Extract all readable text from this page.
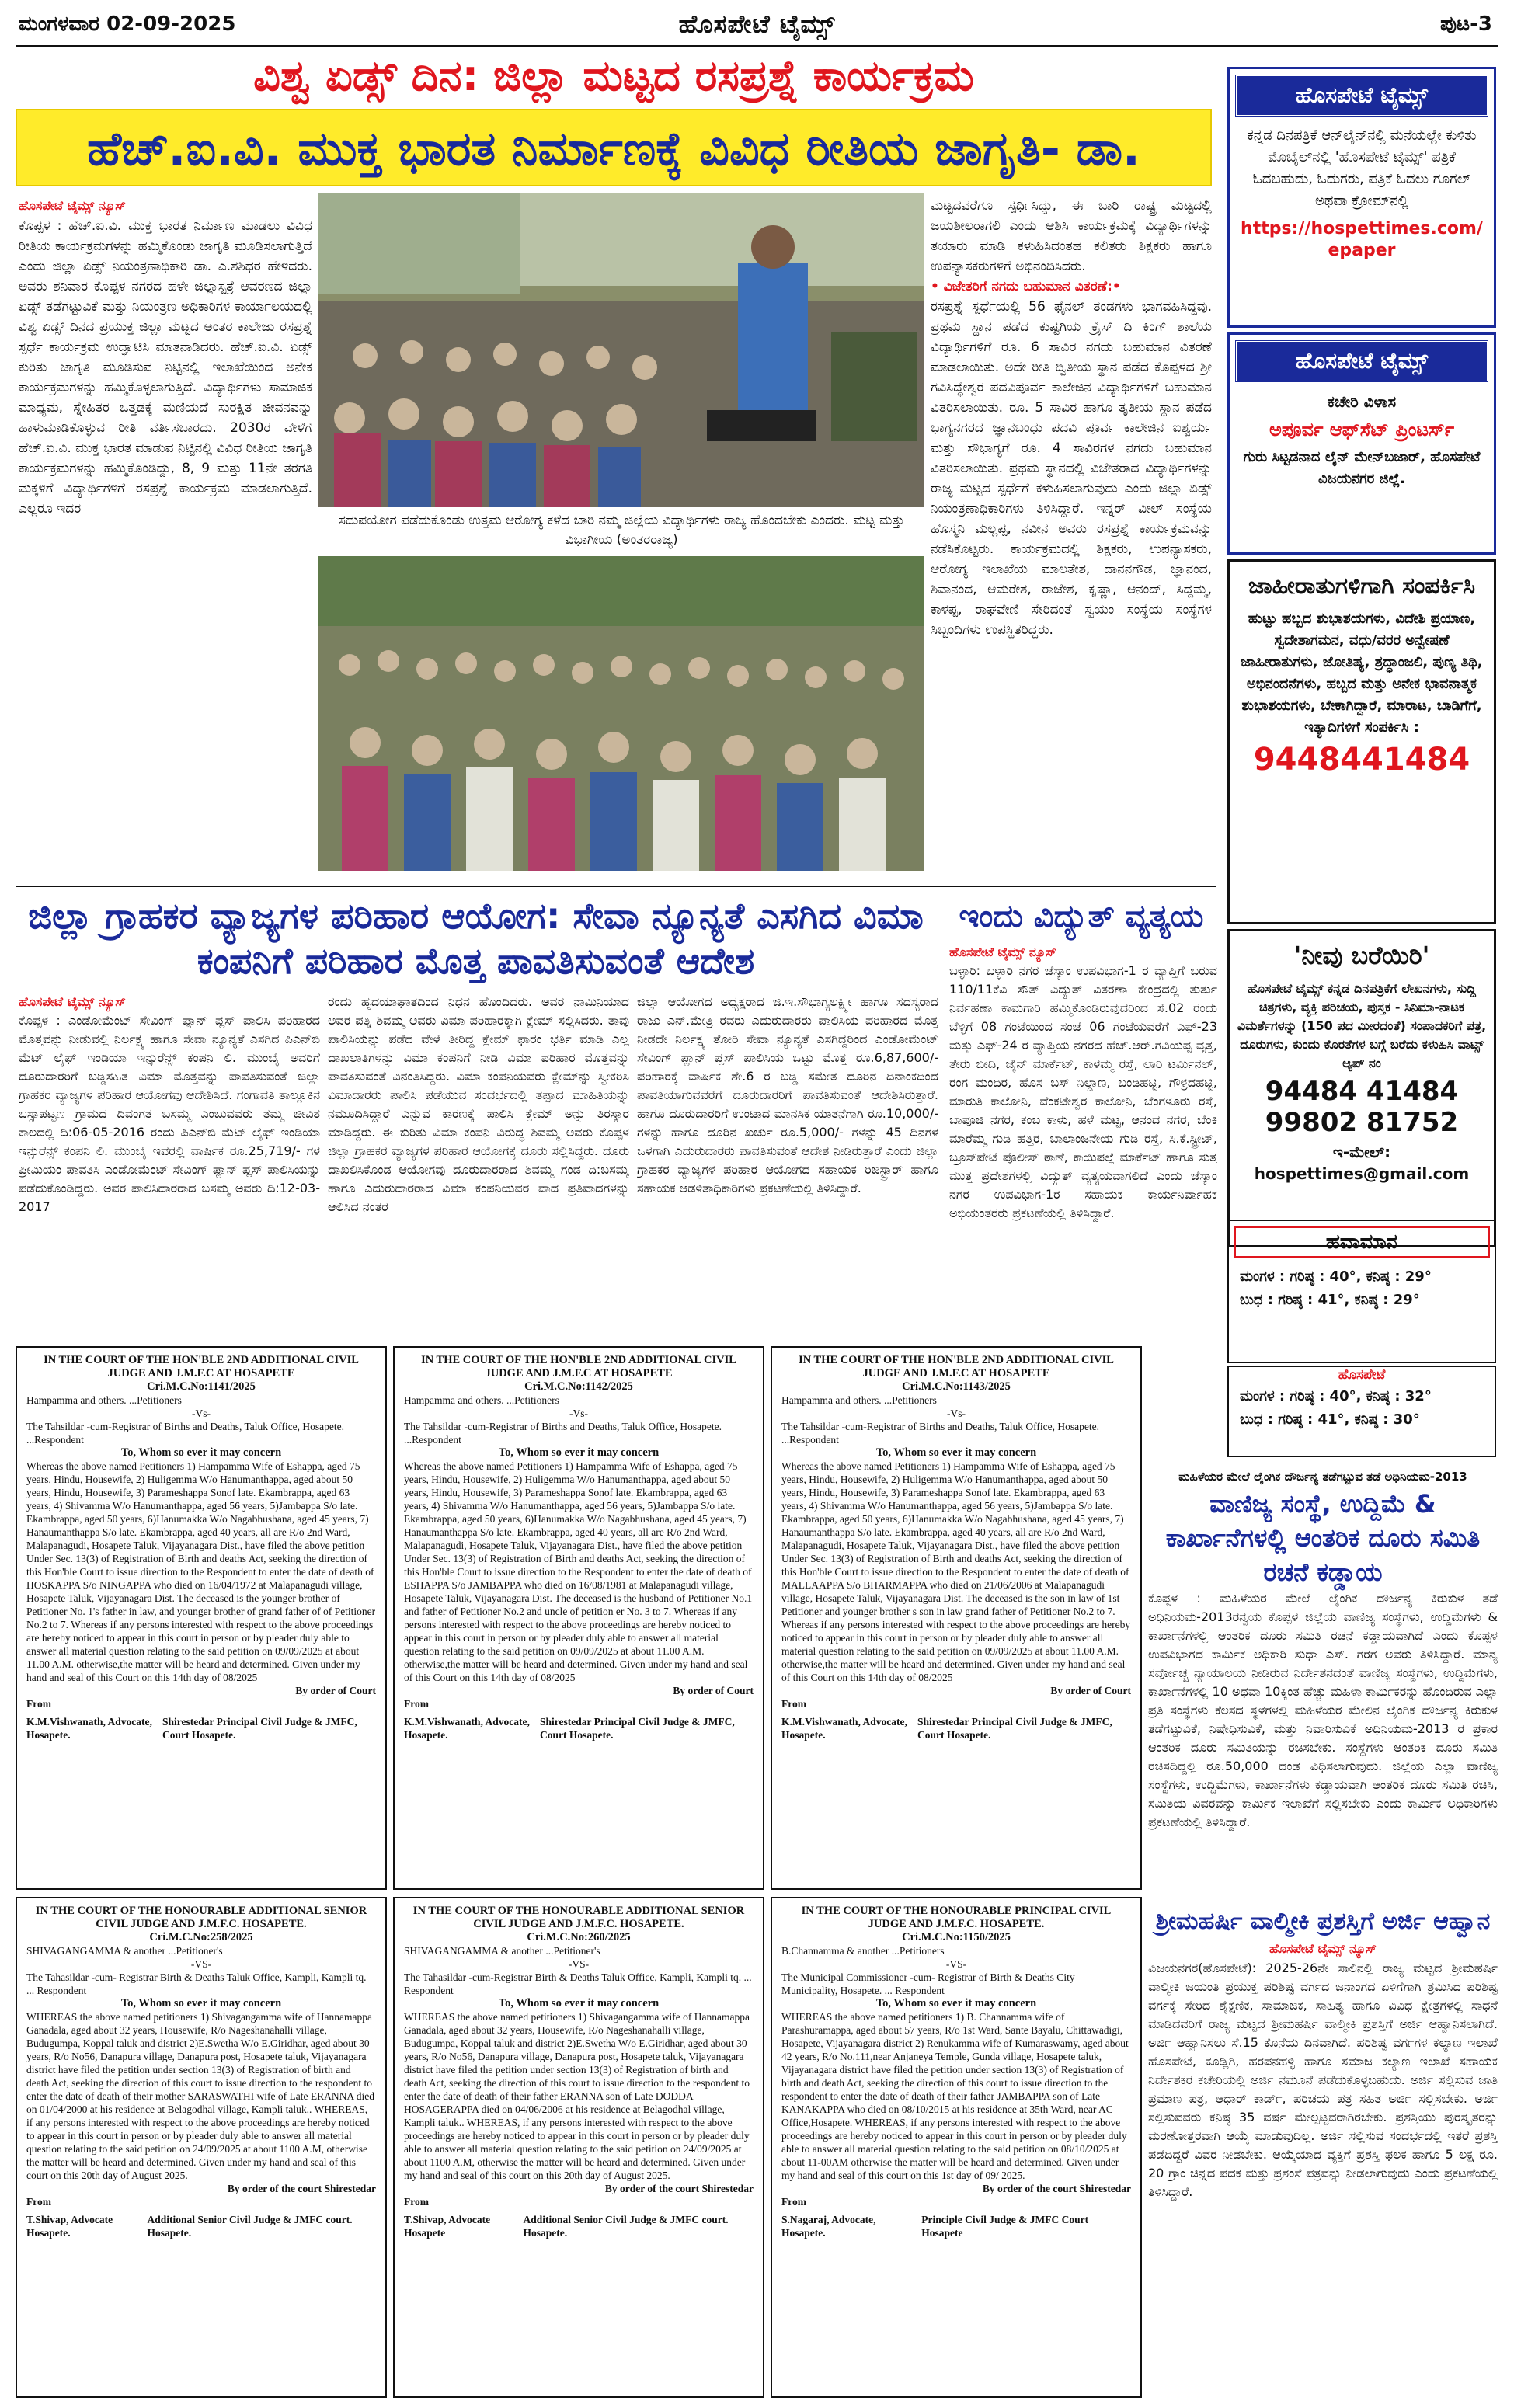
ಮಂಗಳವಾರ 02-09-2025	ಹೊಸಪೇಟೆ ಟೈಮ್ಸ್	ಪುಟ-3
ವಿಶ್ವ ಏಡ್ಸ್ ದಿನ: ಜಿಲ್ಲಾ ಮಟ್ಟದ ರಸಪ್ರಶ್ನೆ ಕಾರ್ಯಕ್ರಮ
ಹೆಚ್.ಐ.ವಿ. ಮುಕ್ತ ಭಾರತ ನಿರ್ಮಾಣಕ್ಕೆ ವಿವಿಧ ರೀತಿಯ ಜಾಗೃತಿ- ಡಾ.
ಹೊಸಪೇಟೆ ಟೈಮ್ಸ್ ನ್ಯೂಸ್
ಕೊಪ್ಪಳ : ಹೆಚ್.ಐ.ವಿ. ಮುಕ್ತ ಭಾರತ ನಿರ್ಮಾಣ ಮಾಡಲು ವಿವಿಧ ರೀತಿಯ ಕಾರ್ಯಕ್ರಮಗಳನ್ನು ಹಮ್ಮಿಕೊಂಡು ಜಾಗೃತಿ ಮೂಡಿಸಲಾಗುತ್ತಿದೆ ಎಂದು ಜಿಲ್ಲಾ ಏಡ್ಸ್ ನಿಯಂತ್ರಣಾಧಿಕಾರಿ ಡಾ. ಎ.ಶಶಿಧರ ಹೇಳಿದರು. ಅವರು ಶನಿವಾರ ಕೊಪ್ಪಳ ನಗರದ ಹಳೇ ಜಿಲ್ಲಾಸ್ಪತ್ರೆ ಆವರಣದ ಜಿಲ್ಲಾ ಏಡ್ಸ್ ತಡೆಗಟ್ಟುವಿಕೆ ಮತ್ತು ನಿಯಂತ್ರಣ ಅಧಿಕಾರಿಗಳ ಕಾರ್ಯಾಲಯದಲ್ಲಿ ವಿಶ್ವ ಏಡ್ಸ್ ದಿನದ ಪ್ರಯುಕ್ತ ಜಿಲ್ಲಾ ಮಟ್ಟದ ಅಂತರ ಕಾಲೇಜು ರಸಪ್ರಶ್ನೆ ಸ್ಪರ್ಧೆ ಕಾರ್ಯಕ್ರಮ ಉದ್ಘಾಟಿಸಿ ಮಾತನಾಡಿದರು. ಹೆಚ್.ಐ.ವಿ. ಏಡ್ಸ್ ಕುರಿತು ಜಾಗೃತಿ ಮೂಡಿಸುವ ನಿಟ್ಟಿನಲ್ಲಿ ಇಲಾಖೆಯಿಂದ ಅನೇಕ ಕಾರ್ಯಕ್ರಮಗಳನ್ನು ಹಮ್ಮಿಕೊಳ್ಳಲಾಗುತ್ತಿದೆ. ವಿದ್ಯಾರ್ಥಿಗಳು ಸಾಮಾಜಿಕ ಮಾಧ್ಯಮ, ಸ್ನೇಹಿತರ ಒತ್ತಡಕ್ಕೆ ಮಣಿಯದೆ ಸುರಕ್ಷಿತ ಜೀವನವನ್ನು ಹಾಳುಮಾಡಿಕೊಳ್ಳುವ ರೀತಿ ವರ್ತಿಸಬಾರದು. 2030ರ ವೇಳೆಗೆ ಹೆಚ್.ಐ.ವಿ. ಮುಕ್ತ ಭಾರತ ಮಾಡುವ ನಿಟ್ಟಿನಲ್ಲಿ ವಿವಿಧ ರೀತಿಯ ಜಾಗೃತಿ ಕಾರ್ಯಕ್ರಮಗಳನ್ನು ಹಮ್ಮಿಕೊಂಡಿದ್ದು, 8, 9 ಮತ್ತು 11ನೇ ತರಗತಿ ಮಕ್ಕಳಿಗೆ ವಿದ್ಯಾರ್ಥಿಗಳಿಗೆ ರಸಪ್ರಶ್ನೆ ಕಾರ್ಯಕ್ರಮ ಮಾಡಲಾಗುತ್ತಿದೆ. ಎಲ್ಲರೂ ಇದರ
ಸದುಪಯೋಗ ಪಡೆದುಕೊಂಡು ಉತ್ತಮ ಆರೋಗ್ಯ ಕಳೆದ ಬಾರಿ ನಮ್ಮ ಜಿಲ್ಲೆಯ ವಿದ್ಯಾರ್ಥಿಗಳು ರಾಜ್ಯ ಹೊಂದಬೇಕು ಎಂದರು. ಮಟ್ಟ ಮತ್ತು ವಿಭಾಗೀಯ (ಅಂತರರಾಜ್ಯ)
ಮಟ್ಟದವರೆಗೂ ಸ್ಪರ್ಧಿಸಿದ್ದು, ಈ ಬಾರಿ ರಾಷ್ಟ್ರ ಮಟ್ಟದಲ್ಲಿ ಜಯಶೀಲರಾಗಲಿ ಎಂದು ಆಶಿಸಿ ಕಾರ್ಯಕ್ರಮಕ್ಕೆ ವಿದ್ಯಾರ್ಥಿಗಳನ್ನು ತಯಾರು ಮಾಡಿ ಕಳುಹಿಸಿದಂತಹ ಕಲಿತರು ಶಿಕ್ಷಕರು ಹಾಗೂ ಉಪನ್ಯಾಸಕರುಗಳಿಗೆ ಅಭಿನಂದಿಸಿದರು.
• ವಿಜೇತರಿಗೆ ನಗದು ಬಹುಮಾನ ವಿತರಣೆ:•
ರಸಪ್ರಶ್ನೆ ಸ್ಪರ್ಧೆಯಲ್ಲಿ 56 ಫೈನಲ್ ತಂಡಗಳು ಭಾಗವಹಿಸಿದ್ದವು. ಪ್ರಥಮ ಸ್ಥಾನ ಪಡೆದ ಕುಷ್ಟಗಿಯ ಕ್ರೈಸ್ ದಿ ಕಿಂಗ್ ಶಾಲೆಯ ವಿದ್ಯಾರ್ಥಿಗಳಿಗೆ ರೂ. 6 ಸಾವಿರ ನಗದು ಬಹುಮಾನ ವಿತರಣೆ ಮಾಡಲಾಯಿತು. ಅದೇ ರೀತಿ ದ್ವಿತೀಯ ಸ್ಥಾನ ಪಡೆದ ಕೊಪ್ಪಳದ ಶ್ರೀ ಗವಿಸಿದ್ಧೇಶ್ವರ ಪದವಿಪೂರ್ವ ಕಾಲೇಜಿನ ವಿದ್ಯಾರ್ಥಿಗಳಿಗೆ ಬಹುಮಾನ ವಿತರಿಸಲಾಯಿತು. ರೂ. 5 ಸಾವಿರ ಹಾಗೂ ತೃತೀಯ ಸ್ಥಾನ ಪಡೆದ ಭಾಗ್ಯನಗರದ ಜ್ಞಾನಬಂಧು ಪದವಿ ಪೂರ್ವ ಕಾಲೇಜಿನ ಐಶ್ವರ್ಯ ಮತ್ತು ಸೌಭಾಗ್ಯಗೆ ರೂ. 4 ಸಾವಿರಗಳ ನಗದು ಬಹುಮಾನ ವಿತರಿಸಲಾಯಿತು. ಪ್ರಥಮ ಸ್ಥಾನದಲ್ಲಿ ವಿಜೇತರಾದ ವಿದ್ಯಾರ್ಥಿಗಳನ್ನು ರಾಜ್ಯ ಮಟ್ಟದ ಸ್ಪರ್ಧೆಗೆ ಕಳುಹಿಸಲಾಗುವುದು ಎಂದು ಜಿಲ್ಲಾ ಏಡ್ಸ್ ನಿಯಂತ್ರಣಾಧಿಕಾರಿಗಳು ತಿಳಿಸಿದ್ದಾರೆ. ಇನ್ನರ್ ವೀಲ್ ಸಂಸ್ಥೆಯ ಹೊಸ್ಮನಿ ಮಲ್ಲಪ್ಪ, ನವೀನ ಅವರು ರಸಪ್ರಶ್ನೆ ಕಾರ್ಯಕ್ರಮವನ್ನು ನಡೆಸಿಕೊಟ್ಟರು. ಕಾರ್ಯಕ್ರಮದಲ್ಲಿ ಶಿಕ್ಷಕರು, ಉಪನ್ಯಾಸಕರು, ಆರೋಗ್ಯ ಇಲಾಖೆಯ ಮಾಲತೇಶ, ದಾನನಗೌಡ, ಜ್ಞಾನಂದ, ಶಿವಾನಂದ, ಆಮರೇಶ, ರಾಜೇಶ, ಕೃಷ್ಣಾ, ಆನಂದ್, ಸಿದ್ದಮ್ಮ, ಕಾಳಪ್ಪ, ರಾಘವೇಣಿ ಸೇರಿದಂತೆ ಸ್ವಯಂ ಸಂಸ್ಥೆಯ ಸಂಸ್ಥೆಗಳ ಸಿಬ್ಬಂದಿಗಳು ಉಪಸ್ಥಿತರಿದ್ದರು.
ಹೊಸಪೇಟೆ ಟೈಮ್ಸ್
ಕನ್ನಡ ದಿನಪತ್ರಿಕೆ ಆನ್‌ಲೈನ್‌ನಲ್ಲಿ ಮನೆಯಲ್ಲೇ ಕುಳಿತು ಮೊಬೈಲ್‌ನಲ್ಲಿ 'ಹೊಸಪೇಟೆ ಟೈಮ್ಸ್' ಪತ್ರಿಕೆ ಓದಬಹುದು, ಓದುಗರು, ಪತ್ರಿಕೆ ಓದಲು ಗೂಗಲ್ ಅಥವಾ ಕ್ರೋಮ್‌ನಲ್ಲಿ
https://hospettimes.com/ epaper
ಹೊಸಪೇಟೆ ಟೈಮ್ಸ್
ಕಚೇರಿ ವಿಳಾಸ
ಅಪೂರ್ವ ಆಫ್‌ಸೆಟ್ ಪ್ರಿಂಟರ್ಸ್
ಗುರು ಸಿಟ್ಟಡನಾದ ಲೈನ್ ಮೇನ್‌ಬಜಾರ್, ಹೊಸಪೇಟೆ ವಿಜಯನಗರ ಜಿಲ್ಲೆ.
ಜಾಹೀರಾತುಗಳಿಗಾಗಿ ಸಂಪರ್ಕಿಸಿ
ಹುಟ್ಟು ಹಬ್ಬದ ಶುಭಾಶಯಗಳು, ವಿದೇಶಿ ಪ್ರಯಾಣ, ಸ್ವದೇಶಾಗಮನ, ವಧು/ವರರ ಅನ್ವೇಷಣೆ ಜಾಹೀರಾತುಗಳು, ಜೋತಿಷ್ಯ, ಶ್ರದ್ಧಾಂಜಲಿ, ಪುಣ್ಯ ತಿಥಿ, ಅಭಿನಂದನೆಗಳು, ಹಬ್ಬದ ಮತ್ತು ಅನೇಕ ಭಾವನಾತ್ಮಕ ಶುಭಾಶಯಗಳು, ಬೇಕಾಗಿದ್ದಾರೆ, ಮಾರಾಟ, ಬಾಡಿಗೆಗೆ, ಇತ್ಯಾದಿಗಳಿಗೆ ಸಂಪರ್ಕಿಸಿ :
9448441484
'ನೀವು ಬರೆಯಿರಿ'
ಹೊಸಪೇಟೆ ಟೈಮ್ಸ್ ಕನ್ನಡ ದಿನಪತ್ರಿಕೆಗೆ ಲೇಖನಗಳು, ಸುದ್ದಿ ಚಿತ್ರಗಳು, ವ್ಯಕ್ತಿ ಪರಿಚಯ, ಪುಸ್ತಕ - ಸಿನಿಮಾ-ನಾಟಕ ವಿಮರ್ಶೆಗಳನ್ನು (150 ಪದ ಮೀರದಂತೆ) ಸಂಪಾದಕರಿಗೆ ಪತ್ರ, ದೂರುಗಳು, ಕುಂದು ಕೊರತೆಗಳ ಬಗ್ಗೆ ಬರೆದು ಕಳುಹಿಸಿ ವಾಟ್ಸ್ ಆ್ಯಪ್ ನಂ
94484 41484
99802 81752
ಇ-ಮೇಲ್: hospettimes@gmail.com
ಹವಾಮಾನ
ಮಂಗಳ : ಗರಿಷ್ಠ : 40°, ಕನಿಷ್ಠ : 29°
ಬುಧ : ಗರಿಷ್ಠ : 41°, ಕನಿಷ್ಠ : 29°
ಹೊಸಪೇಟೆ
ಮಂಗಳ : ಗರಿಷ್ಠ : 40°, ಕನಿಷ್ಠ : 32°
ಬುಧ : ಗರಿಷ್ಠ : 41°, ಕನಿಷ್ಠ : 30°
ಜಿಲ್ಲಾ ಗ್ರಾಹಕರ ವ್ಯಾಜ್ಯಗಳ ಪರಿಹಾರ ಆಯೋಗ: ಸೇವಾ ನ್ಯೂನ್ಯತೆ ಎಸಗಿದ ವಿಮಾ ಕಂಪನಿಗೆ ಪರಿಹಾರ ಮೊತ್ತ ಪಾವತಿಸುವಂತೆ ಆದೇಶ
ಹೊಸಪೇಟೆ ಟೈಮ್ಸ್ ನ್ಯೂಸ್
ಕೊಪ್ಪಳ : ಎಂಡೋಮೆಂಟ್ ಸೇವಿಂಗ್ ಪ್ಲಾನ್ ಪ್ಲಸ್ ಪಾಲಿಸಿ ಪರಿಹಾರದ ಮೊತ್ತವನ್ನು ನೀಡುವಲ್ಲಿ ನಿರ್ಲಕ್ಷ್ಯ ಹಾಗೂ ಸೇವಾ ನ್ಯೂನ್ಯತೆ ಎಸಗಿದ ಪಿಎನ್‌ಬಿ ಮೆಟ್ ಲೈಫ್ ಇಂಡಿಯಾ ಇನ್ಸುರೆನ್ಸ್ ಕಂಪನಿ ಲಿ. ಮುಂಬೈ ಅವರಿಗೆ ದೂರುದಾರರಿಗೆ ಬಡ್ಡಿಸಹಿತ ವಿಮಾ ಮೊತ್ತವನ್ನು ಪಾವತಿಸುವಂತೆ ಜಿಲ್ಲಾ ಗ್ರಾಹಕರ ವ್ಯಾಜ್ಯಗಳ ಪರಿಹಾರ ಆಯೋಗವು ಆದೇಶಿಸಿದೆ. ಗಂಗಾವತಿ ತಾಲ್ಲೂಕಿನ ಬಸ್ಸಾಪಟ್ಟಣ ಗ್ರಾಮದ ದಿವಂಗತ ಬಸಮ್ಮ ಎಂಬುವವರು ತಮ್ಮ ಜೀವಿತ ಕಾಲದಲ್ಲಿ ದಿ:06-05-2016 ರಂದು ಪಿಎನ್‌ಬಿ ಮೆಟ್ ಲೈಫ್ ಇಂಡಿಯಾ ಇನ್ಸುರೆನ್ಸ್ ಕಂಪನಿ ಲಿ. ಮುಂಬೈ ಇವರಲ್ಲಿ ವಾರ್ಷಿಕ ರೂ.25,719/- ಗಳ ಪ್ರೀಮಿಯಂ ಪಾವತಿಸಿ ಎಂಡೋಮೆಂಟ್ ಸೇವಿಂಗ್ ಪ್ಲಾನ್ ಪ್ಲಸ್ ಪಾಲಿಸಿಯನ್ನು ಪಡೆದುಕೊಂಡಿದ್ದರು. ಅವರ ಪಾಲಿಸಿದಾರರಾದ ಬಸಮ್ಮ ಅವರು ದಿ:12-03-2017
ರಂದು ಹೃದಯಾಘಾತದಿಂದ ನಿಧನ ಹೊಂದಿದರು. ಅವರ ನಾಮಿನಿಯಾದ ಅವರ ಪತ್ನಿ ಶಿವಮ್ಮ ಅವರು ವಿಮಾ ಪರಿಹಾರಕ್ಕಾಗಿ ಕ್ಲೇಮ್ ಸಲ್ಲಿಸಿದರು. ತಾವು ಪಾಲಿಸಿಯನ್ನು ಪಡೆದ ವೇಳೆ ತೀರಿದ್ದ ಕ್ಲೇಮ್ ಫಾರಂ ಭರ್ತಿ ಮಾಡಿ ಎಲ್ಲ ದಾಖಲಾತಿಗಳನ್ನು ವಿಮಾ ಕಂಪನಿಗೆ ನೀಡಿ ವಿಮಾ ಪರಿಹಾರ ಮೊತ್ತವನ್ನು ಪಾವತಿಸುವಂತೆ ವಿನಂತಿಸಿದ್ದರು. ವಿಮಾ ಕಂಪನಿಯವರು ಕ್ಲೇಮ್‌ನ್ನು ಸ್ವೀಕರಿಸಿ ವಿಮಾದಾರರು ಪಾಲಿಸಿ ಪಡೆಯುವ ಸಂದರ್ಭದಲ್ಲಿ ತಪ್ಪಾದ ಮಾಹಿತಿಯನ್ನು ನಮೂದಿಸಿದ್ದಾರೆ ಎನ್ನುವ ಕಾರಣಕ್ಕೆ ಪಾಲಿಸಿ ಕ್ಲೇಮ್ ಅನ್ನು ತಿರಸ್ಕಾರ ಮಾಡಿದ್ದರು. ಈ ಕುರಿತು ವಿಮಾ ಕಂಪನಿ ವಿರುದ್ಧ ಶಿವಮ್ಮ ಅವರು ಕೊಪ್ಪಳ ಜಿಲ್ಲಾ ಗ್ರಾಹಕರ ವ್ಯಾಜ್ಯಗಳ ಪರಿಹಾರ ಆಯೋಗಕ್ಕೆ ದೂರು ಸಲ್ಲಿಸಿದ್ದರು. ದೂರು ದಾಖಲಿಸಿಕೊಂಡ ಆಯೋಗವು ದೂರುದಾರರಾದ ಶಿವಮ್ಮ ಗಂಡ ದಿ:ಬಸಮ್ಮ ಹಾಗೂ ಎದುರುದಾರರಾದ ವಿಮಾ ಕಂಪನಿಯವರ ವಾದ ಪ್ರತಿವಾದಗಳನ್ನು ಆಲಿಸಿದ ನಂತರ
ಜಿಲ್ಲಾ ಆಯೋಗದ ಅಧ್ಯಕ್ಷರಾದ ಜಿ.ಇ.ಸೌಭಾಗ್ಯಲಕ್ಷ್ಮೀ ಹಾಗೂ ಸದಸ್ಯರಾದ ರಾಜು ಎನ್.ಮೇತ್ರಿ ರವರು ಎದುರುದಾರರು ಪಾಲಿಸಿಯ ಪರಿಹಾರದ ಮೊತ್ತ ನೀಡದೇ ನಿರ್ಲಕ್ಷ್ಯ ತೋರಿ ಸೇವಾ ನ್ಯೂನ್ಯತೆ ಎಸಗಿದ್ದರಿಂದ ಎಂಡೋಮೆಂಟ್ ಸೇವಿಂಗ್ ಪ್ಲಾನ್ ಪ್ಲಸ್ ಪಾಲಿಸಿಯ ಒಟ್ಟು ಮೊತ್ತ ರೂ.6,87,600/- ಪರಿಹಾರಕ್ಕೆ ವಾರ್ಷಿಕ ಶೇ.6 ರ ಬಡ್ಡಿ ಸಮೇತ ದೂರಿನ ದಿನಾಂಕದಿಂದ ಪಾವತಿಯಾಗುವವರೆಗೆ ದೂರುದಾರರಿಗೆ ಪಾವತಿಸುವಂತೆ ಆದೇಶಿಸಿರುತ್ತಾರೆ. ಹಾಗೂ ದೂರುದಾರರಿಗೆ ಉಂಟಾದ ಮಾನಸಿಕ ಯಾತನೆಗಾಗಿ ರೂ.10,000/- ಗಳನ್ನು ಹಾಗೂ ದೂರಿನ ಖರ್ಚು ರೂ.5,000/- ಗಳನ್ನು 45 ದಿನಗಳ ಒಳಗಾಗಿ ಎದುರುದಾರರು ಪಾವತಿಸುವಂತೆ ಆದೇಶ ನೀಡಿರುತ್ತಾರೆ ಎಂದು ಜಿಲ್ಲಾ ಗ್ರಾಹಕರ ವ್ಯಾಜ್ಯಗಳ ಪರಿಹಾರ ಆಯೋಗದ ಸಹಾಯಕ ರಿಜಿಸ್ಟ್ರಾರ್ ಹಾಗೂ ಸಹಾಯಕ ಆಡಳಿತಾಧಿಕಾರಿಗಳು ಪ್ರಕಟಣೆಯಲ್ಲಿ ತಿಳಿಸಿದ್ದಾರೆ.
ಇಂದು ವಿದ್ಯುತ್ ವ್ಯತ್ಯಯ
ಹೊಸಪೇಟೆ ಟೈಮ್ಸ್ ನ್ಯೂಸ್
ಬಳ್ಳಾರಿ: ಬಳ್ಳಾರಿ ನಗರ ಜೆಸ್ಕಾಂ ಉಪವಿಭಾಗ-1 ರ ವ್ಯಾಪ್ತಿಗೆ ಬರುವ 110/11ಕೆವಿ ಸೌತ್ ವಿದ್ಯುತ್ ವಿತರಣಾ ಕೇಂದ್ರದಲ್ಲಿ ತುರ್ತು ನಿರ್ವಹಣಾ ಕಾಮಗಾರಿ ಹಮ್ಮಿಕೊಂಡಿರುವುದರಿಂದ ಸೆ.02 ರಂದು ಬೆಳ್ಳಿಗೆ 08 ಗಂಟೆಯಿಂದ ಸಂಜೆ 06 ಗಂಟೆಯವರೆಗೆ ಎಫ್-23 ಮತ್ತು ಎಫ್-24 ರ ವ್ಯಾಪ್ತಿಯ ನಗರದ ಹೆಚ್.ಆರ್.ಗವಿಯಪ್ಪ ವೃತ್ತ, ತೇರು ಬೀದಿ, ಜೈನ್ ಮಾರ್ಕೆಟ್, ಕಾಳಮ್ಮ ರಸ್ತೆ, ಲಾರಿ ಟರ್ಮಿನಲ್, ರಂಗ ಮಂದಿರ, ಹೊಸ ಬಸ್ ನಿಲ್ದಾಣ, ಬಂಡಿಹಟ್ಟಿ, ಗೌಳ್ರದಹಟ್ಟಿ, ಮಾರುತಿ ಕಾಲೋನಿ, ವೆಂಕಟೇಶ್ವರ ಕಾಲೋನಿ, ಬೆಂಗಳೂರು ರಸ್ತೆ, ಬಾಪೂಜಿ ನಗರ, ಕಂಬ ಕಾಳು, ಹಳೆ ಮಟ್ಟ, ಆನಂದ ನಗರ, ಬೆಂಕಿ ಮಾರೆಮ್ಮ ಗುಡಿ ಹತ್ತಿರ, ಬಾಲಾಂಜನೇಯ ಗುಡಿ ರಸ್ತೆ, ಸಿ.ಕೆ.ಸ್ಟ್ರೀಟ್, ಬ್ರೂಸ್‌ಪೇಟೆ ಪೊಲೀಸ್ ಠಾಣೆ, ಕಾಯಿಪಲ್ಲೆ ಮಾರ್ಕೆಟ್ ಹಾಗೂ ಸುತ್ತ ಮುತ್ತ ಪ್ರದೇಶಗಳಲ್ಲಿ ವಿದ್ಯುತ್ ವ್ಯತ್ಯಯವಾಗಲಿದೆ ಎಂದು ಜೆಸ್ಕಾಂ ನಗರ ಉಪವಿಭಾಗ-1ರ ಸಹಾಯಕ ಕಾರ್ಯನಿರ್ವಾಹಕ ಅಭಿಯಂತರರು ಪ್ರಕಟಣೆಯಲ್ಲಿ ತಿಳಿಸಿದ್ದಾರೆ.
IN THE COURT OF THE HON'BLE 2ND ADDITIONAL CIVIL JUDGE AND J.M.F.C AT HOSAPETE
Cri.M.C.No:1141/2025
Hampamma and others. ...Petitioners
-Vs-
The Tahsildar -cum-Registrar of Births and Deaths, Taluk Office, Hosapete. ...Respondent
To, Whom so ever it may concern
Whereas the above named Petitioners 1) Hampamma Wife of Eshappa, aged 75 years, Hindu, Housewife, 2) Huligemma W/o Hanumanthappa, aged about 50 years, Hindu, Housewife, 3) Parameshappa Sonof late. Ekambrappa, aged 63 years, 4) Shivamma W/o Hanumanthappa, aged 56 years, 5)Jambappa S/o late. Ekambrappa, aged 50 years, 6)Hanumakka W/o Nagabhushana, aged 45 years, 7) Hanaumanthappa S/o late. Ekambrappa, aged 40 years, all are R/o 2nd Ward, Malapanagudi, Hosapete Taluk, Vijayanagara Dist., have filed the above petition Under Sec. 13(3) of Registration of Birth and deaths Act, seeking the direction of this Hon'ble Court to issue direction to the Respondent to enter the date of death of HOSKAPPA S/o NINGAPPA who died on 16/04/1972 at Malapanagudi village, Hosapete Taluk, Vijayanagara Dist. The deceased is the younger brother of Petitioner No. 1's father in law, and younger brother of grand father of of Petitioner No.2 to 7. Whereas if any persons interested with respect to the above proceedings are hereby noticed to appear in this court in person or by pleader duly able to answer all material question relating to the said petition on 09/09/2025 at about 11.00 A.M. otherwise,the matter will be heard and determined. Given under my hand and seal of this Court on this 14th day of 08/2025
By order of Court
From
K.M.Vishwanath, Advocate, Hosapete.
Shirestedar Principal Civil Judge & JMFC, Court Hosapete.
IN THE COURT OF THE HON'BLE 2ND ADDITIONAL CIVIL JUDGE AND J.M.F.C AT HOSAPETE
Cri.M.C.No:1142/2025
Hampamma and others. ...Petitioners
-Vs-
The Tahsildar -cum-Registrar of Births and Deaths, Taluk Office, Hosapete. ...Respondent
To, Whom so ever it may concern
Whereas the above named Petitioners 1) Hampamma Wife of Eshappa, aged 75 years, Hindu, Housewife, 2) Huligemma W/o Hanumanthappa, aged about 50 years, Hindu, Housewife, 3) Parameshappa Sonof late. Ekambrappa, aged 63 years, 4) Shivamma W/o Hanumanthappa, aged 56 years, 5)Jambappa S/o late. Ekambrappa, aged 50 years, 6)Hanumakka W/o Nagabhushana, aged 45 years, 7) Hanaumanthappa S/o late. Ekambrappa, aged 40 years, all are R/o 2nd Ward, Malapanagudi, Hosapete Taluk, Vijayanagara Dist., have filed the above petition Under Sec. 13(3) of Registration of Birth and deaths Act, seeking the direction of this Hon'ble Court to issue direction to the Respondent to enter the date of death of ESHAPPA S/o JAMBAPPA who died on 16/08/1981 at Malapanagudi village, Hosapete Taluk, Vijayanagara Dist. The deceased is the husband of Petitioner No.1 and father of Petitioner No.2 and uncle of petition er No. 3 to 7. Whereas if any persons interested with respect to the above proceedings are hereby noticed to appear in this court in person or by pleader duly able to answer all material question relating to the said petition on 09/09/2025 at about 11.00 A.M. otherwise,the matter will be heard and determined. Given under my hand and seal of this Court on this 14th day of 08/2025
By order of Court
From
K.M.Vishwanath, Advocate, Hosapete.
Shirestedar Principal Civil Judge & JMFC, Court Hosapete.
IN THE COURT OF THE HON'BLE 2ND ADDITIONAL CIVIL JUDGE AND J.M.F.C AT HOSAPETE
Cri.M.C.No:1143/2025
Hampamma and others. ...Petitioners
-Vs-
The Tahsildar -cum-Registrar of Births and Deaths, Taluk Office, Hosapete. ...Respondent
To, Whom so ever it may concern
Whereas the above named Petitioners 1) Hampamma Wife of Eshappa, aged 75 years, Hindu, Housewife, 2) Huligemma W/o Hanumanthappa, aged about 50 years, Hindu, Housewife, 3) Parameshappa Sonof late. Ekambrappa, aged 63 years, 4) Shivamma W/o Hanumanthappa, aged 56 years, 5)Jambappa S/o late. Ekambrappa, aged 50 years, 6)Hanumakka W/o Nagabhushana, aged 45 years, 7) Hanaumanthappa S/o late. Ekambrappa, aged 40 years, all are R/o 2nd Ward, Malapanagudi, Hosapete Taluk, Vijayanagara Dist., have filed the above petition Under Sec. 13(3) of Registration of Birth and deaths Act, seeking the direction of this Hon'ble Court to issue direction to the Respondent to enter the date of death of MALLAAPPA S/o BHARMAPPA who died on 21/06/2006 at Malapanagudi village, Hosapete Taluk, Vijayanagara Dist. The deceased is the son in law of 1st Petitioner and younger brother s son in law grand father of Petitioner No.2 to 7. Whereas if any persons interested with respect to the above proceedings are hereby noticed to appear in this court in person or by pleader duly able to answer all material question relating to the said petition on 09/09/2025 at about 11.00 A.M. otherwise,the matter will be heard and determined. Given under my hand and seal of this Court on this 14th day of 08/2025
By order of Court
From
K.M.Vishwanath, Advocate, Hosapete.
Shirestedar Principal Civil Judge & JMFC, Court Hosapete.
IN THE COURT OF THE HONOURABLE ADDITIONAL SENIOR CIVIL JUDGE AND J.M.F.C. HOSAPETE.
Cri.M.C.No:258/2025
SHIVAGANGAMMA & another ...Petitioner's
-VS-
The Tahasildar -cum- Registrar Birth & Deaths Taluk Office, Kampli, Kampli tq. ... Respondent
To, Whom so ever it may concern
WHEREAS the above named petitioners 1) Shivagangamma wife of Hannamappa Ganadala, aged about 32 years, Housewife, R/o Nageshanahalli village, Budugumpa, Koppal taluk and district 2)E.Swetha W/o E.Giridhar, aged about 30 years, R/o No56, Danapura village, Danapura post, Hosapete taluk, Vijayanagara district have filed the petition under section 13(3) of Registration of birth and death Act, seeking the direction of this court to issue direction to the respondent to enter the date of death of their mother SARASWATHI wife of Late ERANNA died on 01/04/2000 at his residence at Belagodhal village, Kampli taluk.. WHEREAS, if any persons interested with respect to the above proceedings are hereby noticed to appear in this court in person or by pleader duly able to answer all material question relating to the said petition on 24/09/2025 at about 1100 A.M, otherwise the matter will be heard and determined. Given under my hand and seal of this court on this 20th day of August 2025.
By order of the court Shirestedar
From
T.Shivap, Advocate Hosapete.
Additional Senior Civil Judge & JMFC court. Hosapete.
IN THE COURT OF THE HONOURABLE ADDITIONAL SENIOR CIVIL JUDGE AND J.M.F.C. HOSAPETE.
Cri.M.C.No:260/2025
SHIVAGANGAMMA & another ...Petitioner's
-VS-
The Tahasildar -cum-Registrar Birth & Deaths Taluk Office, Kampli, Kampli tq. ... Respondent
To, Whom so ever it may concern
WHEREAS the above named petitioners 1) Shivagangamma wife of Hannamappa Ganadala, aged about 32 years, Housewife, R/o Nageshanahalli village, Budugumpa, Koppal taluk and district 2)E.Swetha W/o E.Giridhar, aged about 30 years, R/o No56, Danapura village, Danapura post, Hosapete taluk, Vijayanagara district have filed the petition under section 13(3) of Registration of birth and death Act, seeking the direction of this court to issue direction to the respondent to enter the date of death of their father ERANNA son of Late DODDA HOSAGERAPPA died on 04/06/2006 at his residence at Belagodhal village, Kampli taluk.. WHEREAS, if any persons interested with respect to the above proceedings are hereby noticed to appear in this court in person or by pleader duly able to answer all material question relating to the said petition on 24/09/2025 at about 1100 A.M, otherwise the matter will be heard and determined. Given under my hand and seal of this court on this 20th day of August 2025.
By order of the court Shirestedar
From
T.Shivap, Advocate Hosapete
Additional Senior Civil Judge & JMFC court. Hosapete.
IN THE COURT OF THE HONOURABLE PRINCIPAL CIVIL JUDGE AND J.M.F.C. HOSAPETE.
Cri.M.C.No:1150/2025
B.Channamma & another ...Petitioners
-VS-
The Municipal Commissioner -cum- Registrar of Birth & Deaths City Municipality, Hosapete. ... Respondent
To, Whom so ever it may concern
WHEREAS the above named petitioners 1) B. Channamma wife of Parashuramappa, aged about 57 years, R/o 1st Ward, Sante Bayalu, Chittawadigi, Hosapete, Vijayanagara district 2) Renukamma wife of Kumaraswamy, aged about 42 years, R/o No.111,near Anjaneya Temple, Gunda village, Hosapete taluk, Vijayanagara district have filed the petition under section 13(3) of Registration of birth and death Act, seeking the direction of this court to issue direction to the respondent to enter the date of death of their father JAMBAPPA son of Late KANAKAPPA who died on 08/10/2015 at his residence at 35th Ward, near AC Office,Hosapete. WHEREAS, if any persons interested with respect to the above proceedings are hereby noticed to appear in this court in person or by pleader duly able to answer all material question relating to the said petition on 08/10/2025 at about 11-00AM otherwise the matter will be heard and determined. Given under my hand and seal of this court on this 1st day of 09/ 2025.
By order of the court Shirestedar
From
S.Nagaraj, Advocate, Hosapete.
Principle Civil Judge & JMFC Court Hosapete
ಮಹಿಳೆಯರ ಮೇಲೆ ಲೈಂಗಿಕ ದೌರ್ಜನ್ಯ ತಡೆಗಟ್ಟುವ ತಡೆ ಅಧಿನಿಯಮ-2013
ವಾಣಿಜ್ಯ ಸಂಸ್ಥೆ, ಉದ್ದಿಮೆ & ಕಾರ್ಖಾನೆಗಳಲ್ಲಿ ಆಂತರಿಕ ದೂರು ಸಮಿತಿ ರಚನೆ ಕಡ್ಡಾಯ
ಕೊಪ್ಪಳ : ಮಹಿಳೆಯರ ಮೇಲೆ ಲೈಂಗಿಕ ದೌರ್ಜನ್ಯ ಕಿರುಕುಳ ತಡೆ ಅಧಿನಿಯಮ-2013ರನ್ವಯ ಕೊಪ್ಪಳ ಜಿಲ್ಲೆಯ ವಾಣಿಜ್ಯ ಸಂಸ್ಥೆಗಳು, ಉದ್ದಿಮೆಗಳು & ಕಾರ್ಖಾನೆಗಳಲ್ಲಿ ಆಂತರಿಕ ದೂರು ಸಮಿತಿ ರಚನೆ ಕಡ್ಡಾಯವಾಗಿದೆ ಎಂದು ಕೊಪ್ಪಳ ಉಪವಿಭಾಗದ ಕಾರ್ಮಿಕ ಅಧಿಕಾರಿ ಸುಧಾ ಎಸ್. ಗರಗ ಅವರು ತಿಳಿಸಿದ್ದಾರೆ. ಮಾನ್ಯ ಸರ್ವೋಚ್ಚ ನ್ಯಾಯಾಲಯ ನೀಡಿರುವ ನಿರ್ದೇಶನದಂತೆ ವಾಣಿಜ್ಯ ಸಂಸ್ಥೆಗಳು, ಉದ್ದಿಮೆಗಳು, ಕಾರ್ಖಾನೆಗಳಲ್ಲಿ 10 ಅಥವಾ 10ಕ್ಕಿಂತ ಹೆಚ್ಚು ಮಹಿಳಾ ಕಾರ್ಮಿಕರನ್ನು ಹೊಂದಿರುವ ಎಲ್ಲಾ ಪ್ರತಿ ಸಂಸ್ಥೆಗಳು ಕೆಲಸದ ಸ್ಥಳಗಳಲ್ಲಿ ಮಹಿಳೆಯರ ಮೇಲಿನ ಲೈಂಗಿಕ ದೌರ್ಜನ್ಯ ಕಿರುಕುಳ ತಡೆಗಟ್ಟುವಿಕೆ, ನಿಷೇಧಿಸುವಿಕೆ, ಮತ್ತು ನಿವಾರಿಸುವಿಕೆ ಅಧಿನಿಯಮ-2013 ರ ಪ್ರಕಾರ ಆಂತರಿಕ ದೂರು ಸಮಿತಿಯನ್ನು ರಚಿಸಬೇಕು. ಸಂಸ್ಥೆಗಳು ಆಂತರಿಕ ದೂರು ಸಮಿತಿ ರಚಿಸದಿದ್ದಲ್ಲಿ ರೂ.50,000 ದಂಡ ವಿಧಿಸಲಾಗುವುದು. ಜಿಲ್ಲೆಯ ಎಲ್ಲಾ ವಾಣಿಜ್ಯ ಸಂಸ್ಥೆಗಳು, ಉದ್ದಿಮೆಗಳು, ಕಾರ್ಖಾನೆಗಳು ಕಡ್ಡಾಯವಾಗಿ ಆಂತರಿಕ ದೂರು ಸಮಿತಿ ರಚಿಸಿ, ಸಮಿತಿಯ ವಿವರವನ್ನು ಕಾರ್ಮಿಕ ಇಲಾಖೆಗೆ ಸಲ್ಲಿಸಬೇಕು ಎಂದು ಕಾರ್ಮಿಕ ಅಧಿಕಾರಿಗಳು ಪ್ರಕಟಣೆಯಲ್ಲಿ ತಿಳಿಸಿದ್ದಾರೆ.
ಶ್ರೀಮಹರ್ಷಿ ವಾಲ್ಮೀಕಿ ಪ್ರಶಸ್ತಿಗೆ ಅರ್ಜಿ ಆಹ್ವಾನ
ಹೊಸಪೇಟೆ ಟೈಮ್ಸ್ ನ್ಯೂಸ್
ವಿಜಯನಗರ(ಹೊಸಪೇಟೆ): 2025-26ನೇ ಸಾಲಿನಲ್ಲಿ ರಾಜ್ಯ ಮಟ್ಟದ ಶ್ರೀಮಹರ್ಷಿ ವಾಲ್ಮೀಕಿ ಜಯಂತಿ ಪ್ರಯುಕ್ತ ಪರಿಶಿಷ್ಟ ವರ್ಗದ ಜನಾಂಗದ ಏಳಿಗೆಗಾಗಿ ಶ್ರಮಿಸಿದ ಪರಿಶಿಷ್ಟ ವರ್ಗಕ್ಕೆ ಸೇರಿದ ಶೈಕ್ಷಣಿಕ, ಸಾಮಾಜಿಕ, ಸಾಹಿತ್ಯ ಹಾಗೂ ವಿವಿಧ ಕ್ಷೇತ್ರಗಳಲ್ಲಿ ಸಾಧನೆ ಮಾಡಿದವರಿಗೆ ರಾಜ್ಯ ಮಟ್ಟದ ಶ್ರೀಮಹರ್ಷಿ ವಾಲ್ಮೀಕಿ ಪ್ರಶಸ್ತಿಗೆ ಅರ್ಜಿ ಆಹ್ವಾನಿಸಲಾಗಿದೆ. ಅರ್ಜಿ ಆಹ್ವಾನಿಸಲು ಸೆ.15 ಕೊನೆಯ ದಿನವಾಗಿದೆ. ಪರಿಶಿಷ್ಟ ವರ್ಗಗಳ ಕಲ್ಯಾಣ ಇಲಾಖೆ ಹೊಸಪೇಟೆ, ಕೂಡ್ಲಿಗಿ, ಹರಪನಹಳ್ಳಿ ಹಾಗೂ ಸಮಾಜ ಕಲ್ಯಾಣ ಇಲಾಖೆ ಸಹಾಯಕ ನಿರ್ದೇಶಕರ ಕಚೇರಿಯಲ್ಲಿ ಅರ್ಜಿ ನಮೂನೆ ಪಡೆದುಕೊಳ್ಳಬಹುದು. ಅರ್ಜಿ ಸಲ್ಲಿಸುವ ಜಾತಿ ಪ್ರಮಾಣ ಪತ್ರ, ಆಧಾರ್ ಕಾರ್ಡ್, ಪರಿಚಯ ಪತ್ರ ಸಹಿತ ಅರ್ಜಿ ಸಲ್ಲಿಸಬೇಕು. ಅರ್ಜಿ ಸಲ್ಲಿಸುವವರು ಕನಿಷ್ಠ 35 ವರ್ಷ ಮೇಲ್ಪಟ್ಟವರಾಗಿರಬೇಕು. ಪ್ರಶಸ್ತಿಯು ಪುರಸ್ಕೃತರನ್ನು ಮರಣೋತ್ತರವಾಗಿ ಆಯ್ಕೆ ಮಾಡುವುದಿಲ್ಲ. ಅರ್ಜಿ ಸಲ್ಲಿಸುವ ಸಂದರ್ಭದಲ್ಲಿ ಇತರೆ ಪ್ರಶಸ್ತಿ ಪಡೆದಿದ್ದರೆ ವಿವರ ನೀಡಬೇಕು. ಆಯ್ಕೆಯಾದ ವ್ಯಕ್ತಿಗೆ ಪ್ರಶಸ್ತಿ ಫಲಕ ಹಾಗೂ 5 ಲಕ್ಷ ರೂ. 20 ಗ್ರಾಂ ಚಿನ್ನದ ಪದಕ ಮತ್ತು ಪ್ರಶಂಸೆ ಪತ್ರವನ್ನು ನೀಡಲಾಗುವುದು ಎಂದು ಪ್ರಕಟಣೆಯಲ್ಲಿ ತಿಳಿಸಿದ್ದಾರೆ.
